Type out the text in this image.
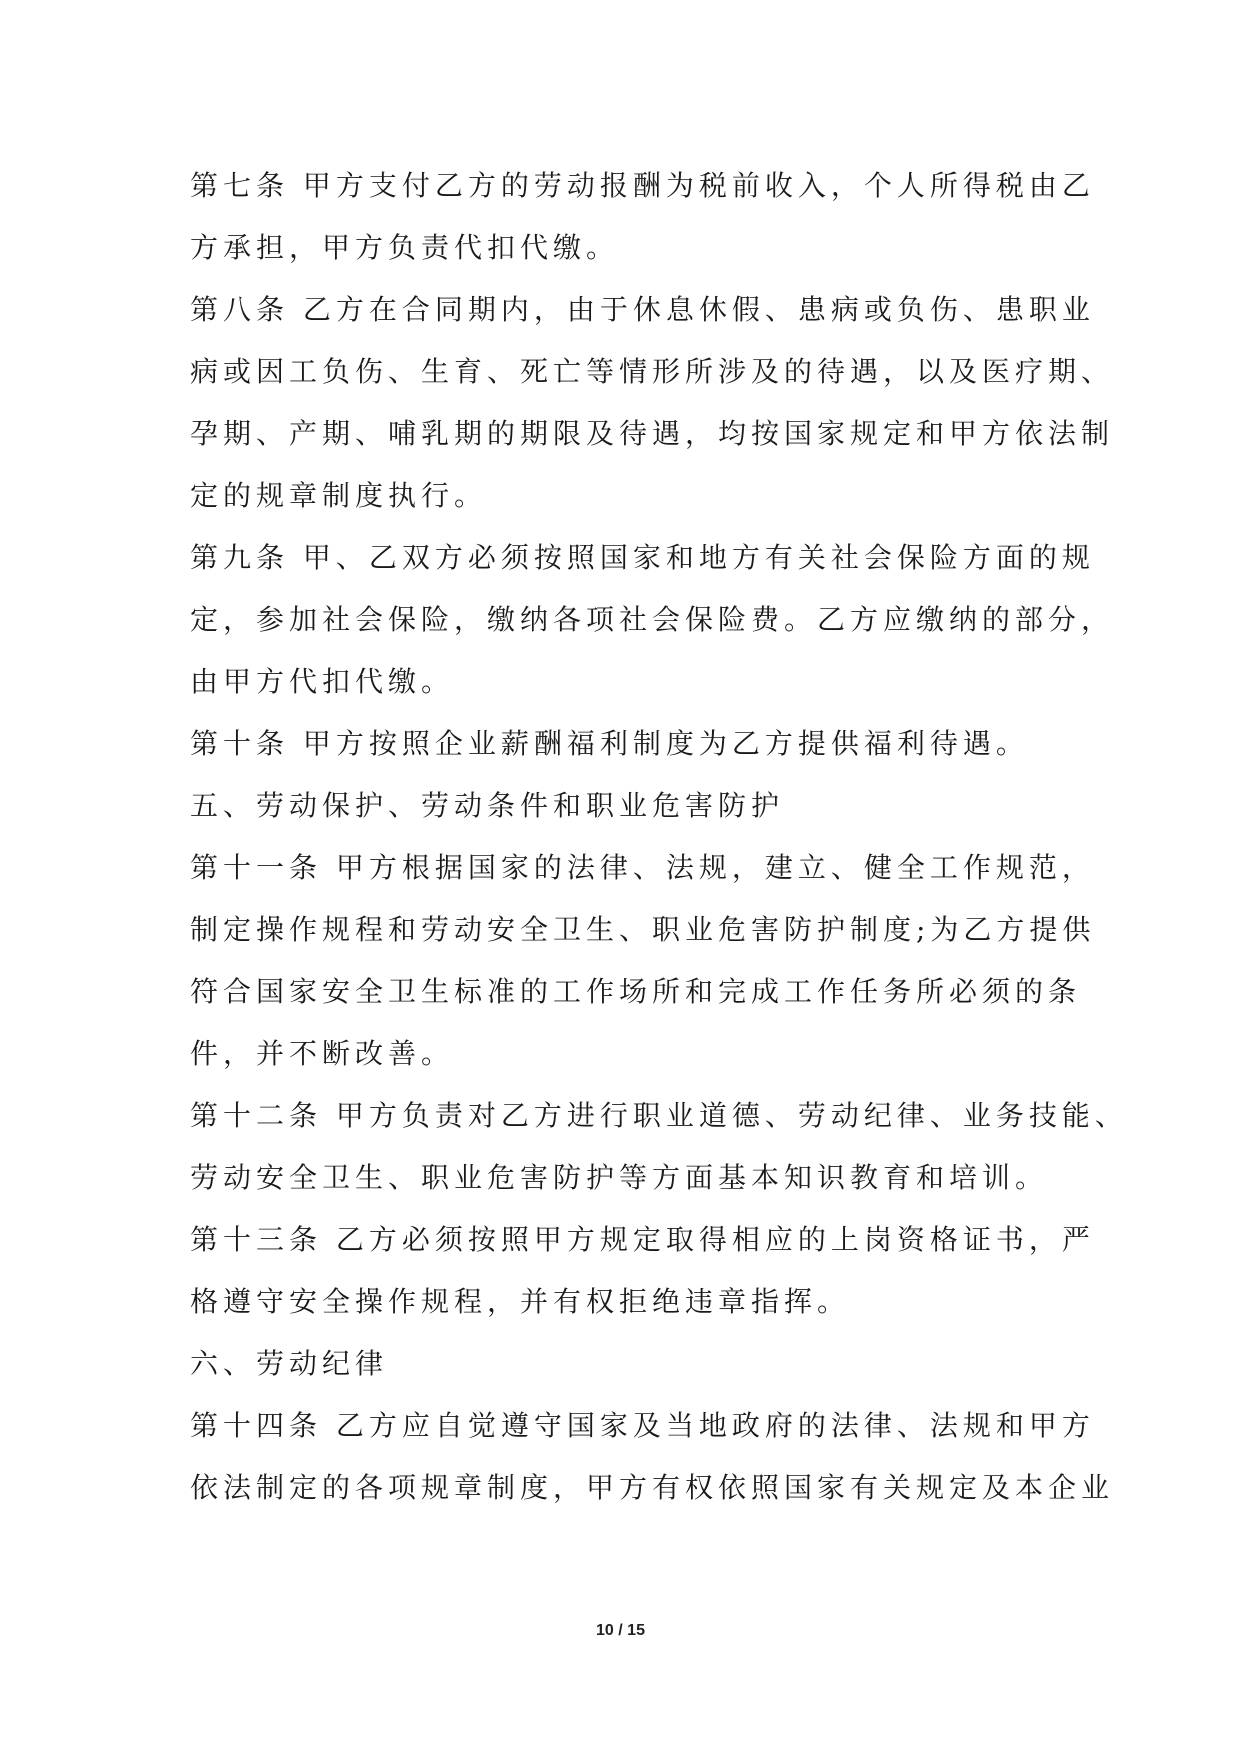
第七条 甲方支付乙方的劳动报酬为税前收入，个人所得税由乙
方承担，甲方负责代扣代缴。
第八条 乙方在合同期内，由于休息休假、患病或负伤、患职业
病或因工负伤、生育、死亡等情形所涉及的待遇，以及医疗期、
孕期、产期、哺乳期的期限及待遇，均按国家规定和甲方依法制
定的规章制度执行。
第九条 甲、乙双方必须按照国家和地方有关社会保险方面的规
定，参加社会保险，缴纳各项社会保险费。乙方应缴纳的部分，
由甲方代扣代缴。
第十条 甲方按照企业薪酬福利制度为乙方提供福利待遇。
五、劳动保护、劳动条件和职业危害防护
第十一条 甲方根据国家的法律、法规，建立、健全工作规范，
制定操作规程和劳动安全卫生、职业危害防护制度;为乙方提供
符合国家安全卫生标准的工作场所和完成工作任务所必须的条
件，并不断改善。
第十二条 甲方负责对乙方进行职业道德、劳动纪律、业务技能、
劳动安全卫生、职业危害防护等方面基本知识教育和培训。
第十三条 乙方必须按照甲方规定取得相应的上岗资格证书，严
格遵守安全操作规程，并有权拒绝违章指挥。
六、劳动纪律
第十四条 乙方应自觉遵守国家及当地政府的法律、法规和甲方
依法制定的各项规章制度，甲方有权依照国家有关规定及本企业
10 / 15
